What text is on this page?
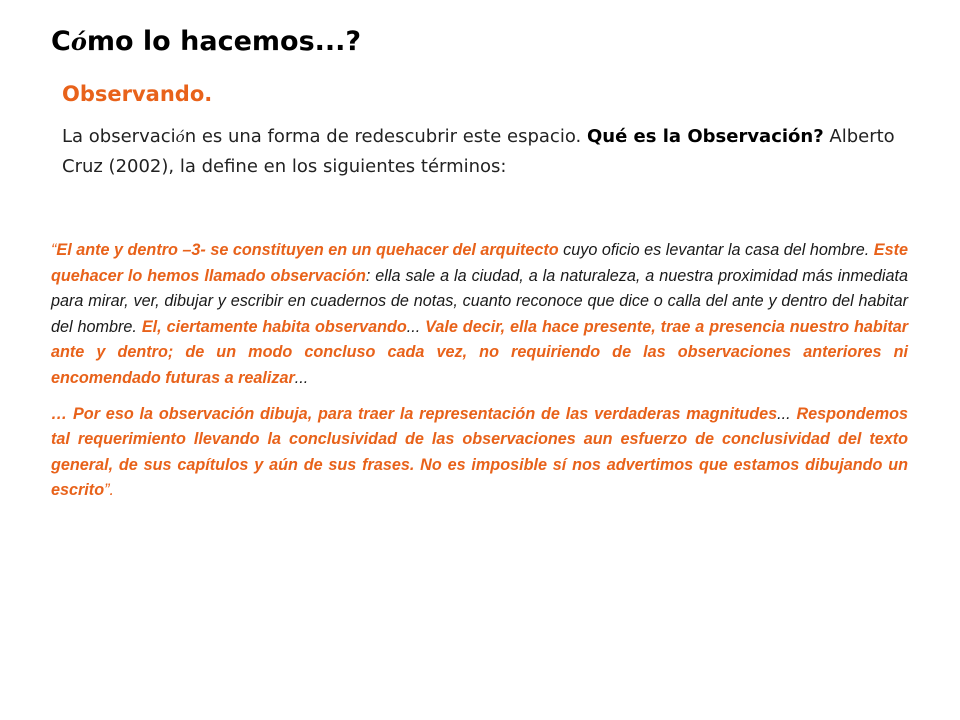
Cómo lo hacemos...?
Observando.
La observación es una forma de redescubrir este espacio. Qué es la Observación? Alberto Cruz (2002), la define en los siguientes términos:

“El ante y dentro –3- se constituyen en un quehacer del arquitecto cuyo oficio es levantar la casa del hombre. Este quehacer lo hemos llamado observación: ella sale a la ciudad, a la naturaleza, a nuestra proximidad más inmediata para mirar, ver, dibujar y escribir en cuadernos de notas, cuanto reconoce que dice o calla del ante y dentro del habitar del hombre. El, ciertamente habita observando... Vale decir, ella hace presente, trae a presencia nuestro habitar ante y dentro; de un modo concluso cada vez, no requiriendo de las observaciones anteriores ni encomendado futuras a realizar...

… Por eso la observación dibuja, para traer la representación de las verdaderas magnitudes... Respondemos tal requerimiento llevando la conclusividad de las observaciones aun esfuerzo de conclusividad del texto general, de sus capítulos y aún de sus frases. No es imposible sí nos advertimos que estamos dibujando un escrito”.
